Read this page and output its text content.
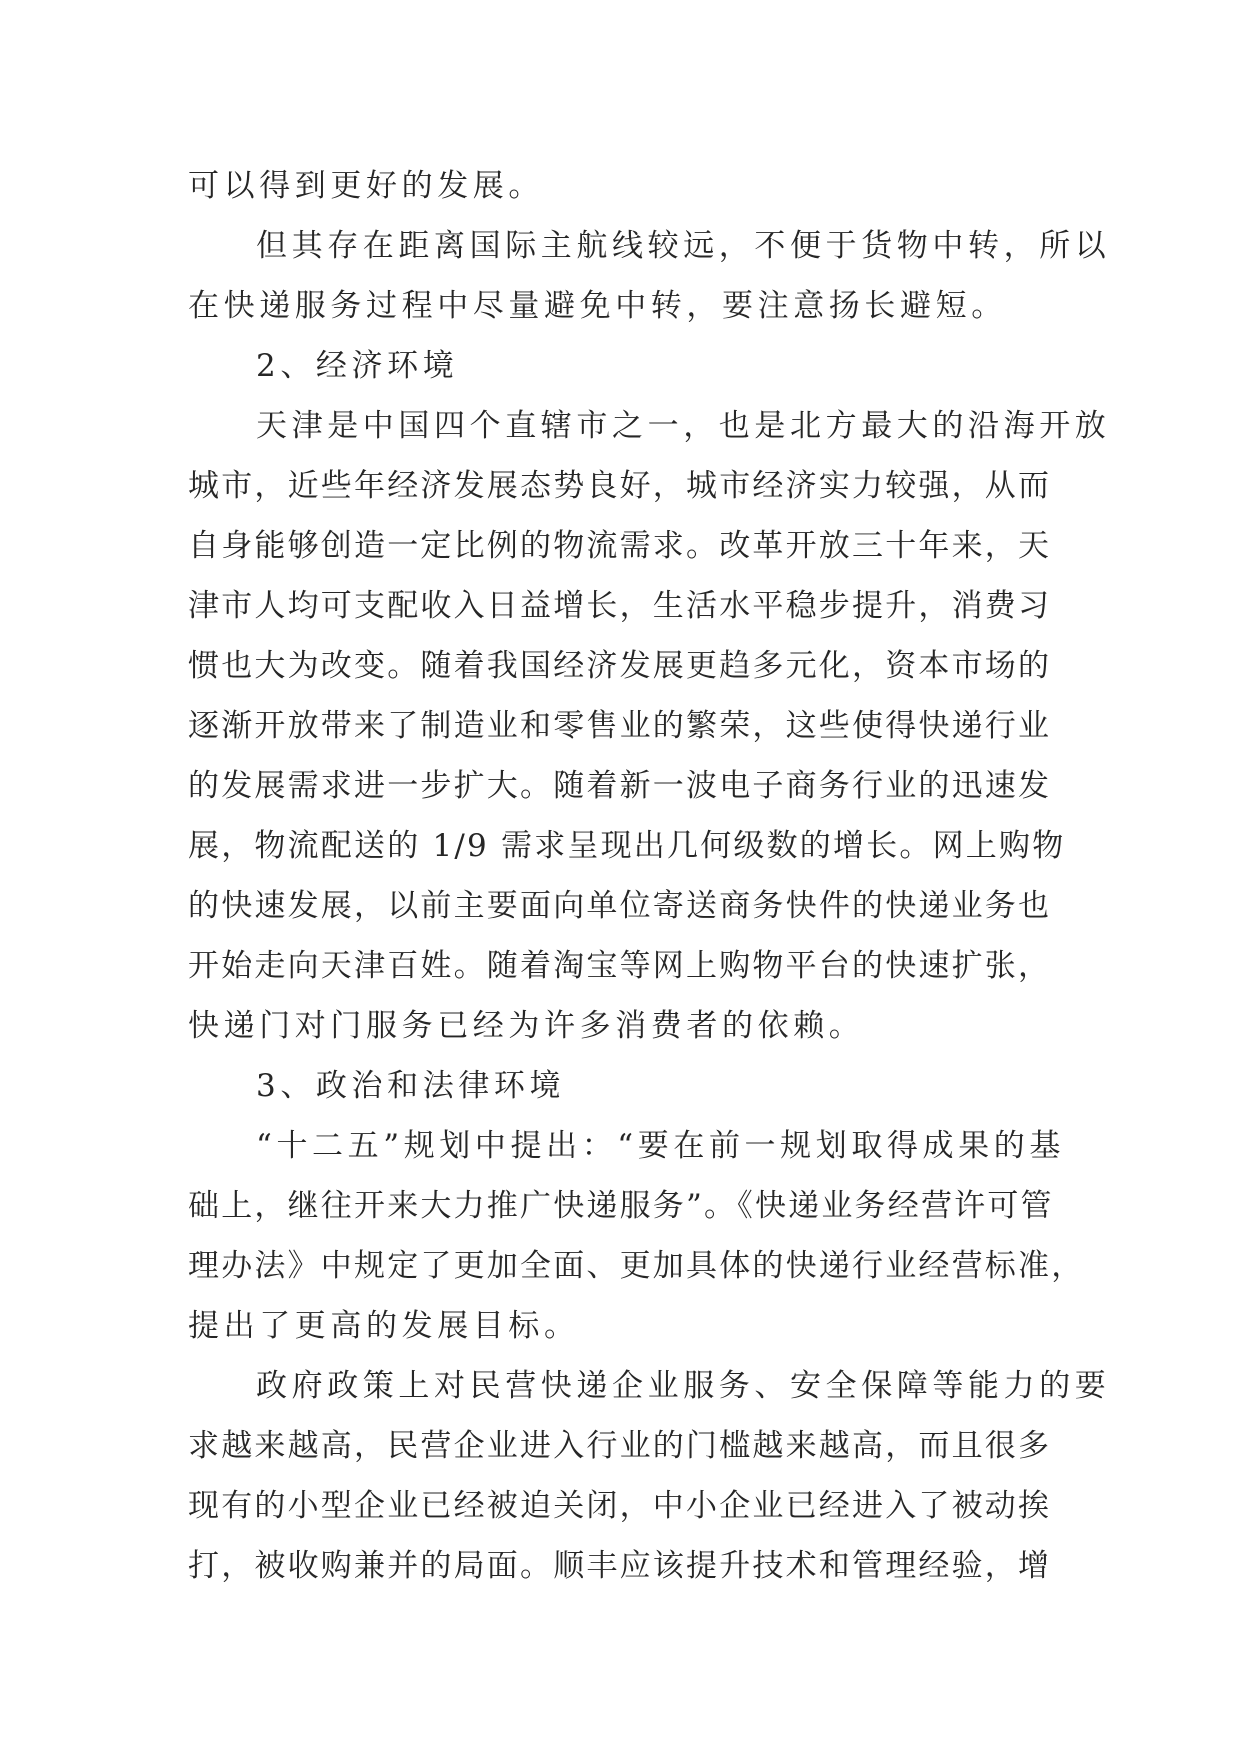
可以得到更好的发展。
但其存在距离国际主航线较远，不便于货物中转，所以
在快递服务过程中尽量避免中转，要注意扬长避短。
2、经济环境
天津是中国四个直辖市之一，也是北方最大的沿海开放
城市，近些年经济发展态势良好，城市经济实力较强，从而
自身能够创造一定比例的物流需求。改革开放三十年来，天
津市人均可支配收入日益增长，生活水平稳步提升，消费习
惯也大为改变。随着我国经济发展更趋多元化，资本市场的
逐渐开放带来了制造业和零售业的繁荣，这些使得快递行业
的发展需求进一步扩大。随着新一波电子商务行业的迅速发
展，物流配送的 1/9 需求呈现出几何级数的增长。网上购物
的快速发展，以前主要面向单位寄送商务快件的快递业务也
开始走向天津百姓。随着淘宝等网上购物平台的快速扩张，
快递门对门服务已经为许多消费者的依赖。
3、政治和法律环境
“十二五”规划中提出：“要在前一规划取得成果的基
础上，继往开来大力推广快递服务”。《快递业务经营许可管
理办法》中规定了更加全面、更加具体的快递行业经营标准，
提出了更高的发展目标。
政府政策上对民营快递企业服务、安全保障等能力的要
求越来越高，民营企业进入行业的门槛越来越高，而且很多
现有的小型企业已经被迫关闭，中小企业已经进入了被动挨
打，被收购兼并的局面。顺丰应该提升技术和管理经验，增
